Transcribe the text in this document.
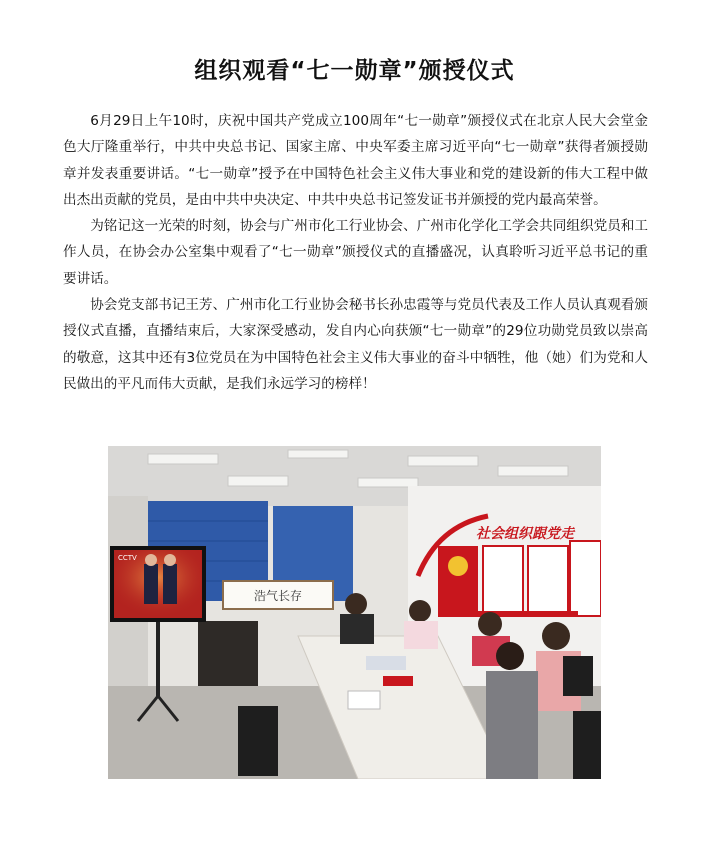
组织观看“七一勋章”颁授仪式

6月29日上午10时，庆祝中国共产党成立100周年“七一勋章”颁授仪式在北京人民大会堂金色大厅隆重举行，中共中央总书记、国家主席、中央军委主席习近平向“七一勋章”获得者颁授勋章并发表重要讲话。“七一勋章”授予在中国特色社会主义伟大事业和党的建设新的伟大工程中做出杰出贡献的党员，是由中共中央决定、中共中央总书记签发证书并颁授的党内最高荣誉。

为铭记这一光荣的时刻，协会与广州市化工行业协会、广州市化学化工学会共同组织党员和工作人员，在协会办公室集中观看了“七一勋章”颁授仪式的直播盛况，认真聆听习近平总书记的重要讲话。

协会党支部书记王芳、广州市化工行业协会秘书长孙忠霞等与党员代表及工作人员认真观看颁授仪式直播，直播结束后，大家深受感动，发自内心向获颁“七一勋章”的29位功勋党员致以崇高的敬意，这其中还有3位党员在为中国特色社会主义伟大事业的奋斗中牺牲，他（她）们为党和人民做出的平凡而伟大贡献，是我们永远学习的榜样！

社会组织跟党走
浩气长存
CCTV
